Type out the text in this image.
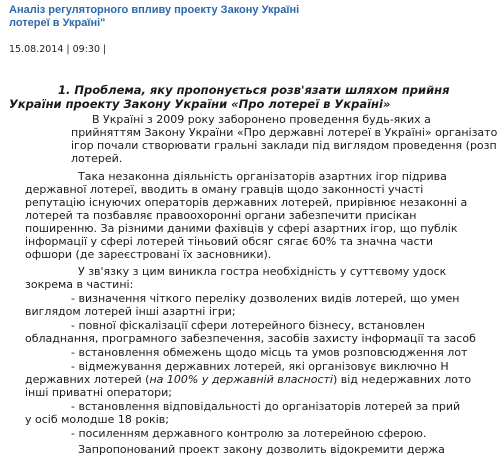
Аналіз регуляторного впливу проекту Закону Україні
лотереї в Україні"
15.08.2014 | 09:30 |
1. Проблема, яку пропонується розв'язати шляхом прийня
України проекту Закону України «Про лотереї в Україні»
В Україні з 2009 року заборонено проведення будь-яких а
прийняттям Закону України «Про державні лотереї в Україні» організато
ігор почали створювати гральні заклади під виглядом проведення (розп
лотерей.
Така незаконна діяльність організаторів азартних ігор підрива
державної лотереї, вводить в оману гравців щодо законності участі
репутацію існуючих операторів державних лотерей, прирівнює незаконні а
лотерей та позбавляє правоохоронні органи забезпечити присікан
поширенню. За різними даними фахівців у сфері азартних ігор, що публік
інформації у сфері лотерей тіньовий обсяг сягає 60% та значна части
офшори (де зареєстровані їх засновники).
У зв'язку з цим виникла гостра необхідність у суттєвому удоск
зокрема в частині:
- визначення чіткого переліку дозволених видів лотерей, що умен
виглядом лотерей інші азартні ігри;
- повної фіскалізації сфери лотерейного бізнесу, встановлен
обладнання, програмного забезпечення, засобів захисту інформації та засоб
- встановлення обмежень щодо місць та умов розповсюдження лот
- відмежування державних лотерей, які організовує виключно Н
державних лотерей (на 100% у державній власності) від недержавних лото
інші приватні оператори;
- встановлення відповідальності до організаторів лотерей за прий
у осіб молодше 18 років;
- посиленням державного контролю за лотерейною сферою.
Запропонований проект закону дозволить відокремити держа
